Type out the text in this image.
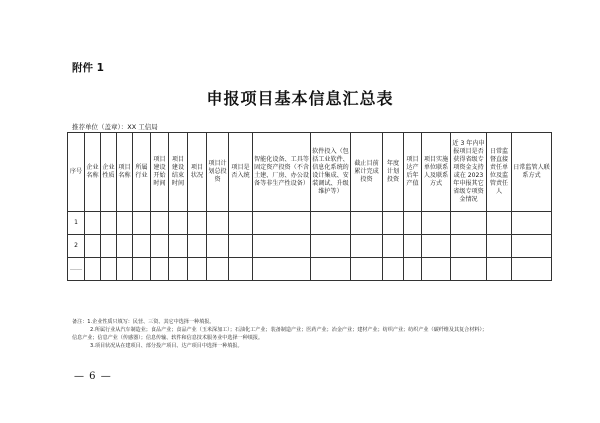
附件 1
申报项目基本信息汇总表
推荐单位（盖章）：XX 工信局
序号	企业名称	企业性质	项目名称	所属行业	项目建设开始时间	项目建设结束时间	项目状况	项目计划总投资	项目是否入统	智能化设备、工具等固定资产投资（不含土建、厂房、办公设备等非生产性设备）	软件投入（包括工业软件、信息化系统的设计集成、安装调试、升级维护等）	截止目前累计完成投资	年度计划投资	项目达产后年产值	项目实施单位联系人及联系方式	近 3 年内申报项目是否获得省级专项资金支持或在 2023 年申报其它省级专项资金情况	日常监督直接责任单位及监管责任人	日常监管人联系方式
1																		
2																		
……																		
备注：1.企业性质只填写：民营、三资、其它中选择一种填报。
2.所属行业从汽车制造业；食品产业；食品产业（玉米深加工）；石油化工产业；装备制造产业；医药产业；冶金产业；建材产业；纺织产业；纺织产业（碳纤维及其复合材料）；
信息产业；信息产业（传感器）；信息传输、软件和信息技术服务业中选择一种填报。
3.项目状况从在建项目、部分投产项目、达产项目中选择一种填报。
— 6 —
